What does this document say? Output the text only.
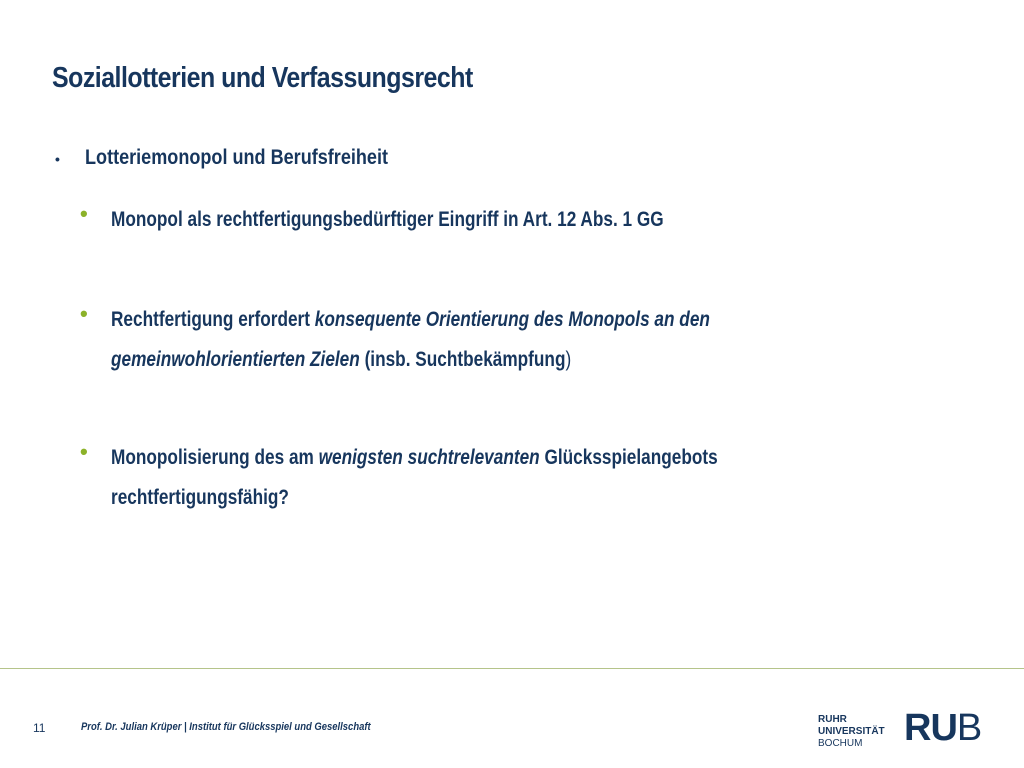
Soziallotterien und Verfassungsrecht
•	Lotteriemonopol und Berufsfreiheit
•	Monopol als rechtfertigungsbedürftiger Eingriff in Art. 12 Abs. 1 GG
•	Rechtfertigung erfordert konsequente Orientierung des Monopols an den
gemeinwohlorientierten Zielen (insb. Suchtbekämpfung)
•	Monopolisierung des am wenigsten suchtrelevanten Glücksspielangebots
rechtfertigungsfähig?
11	Prof. Dr. Julian Krüper | Institut für Glücksspiel und Gesellschaft
RUHR
UNIVERSITÄT
BOCHUM	RUB
